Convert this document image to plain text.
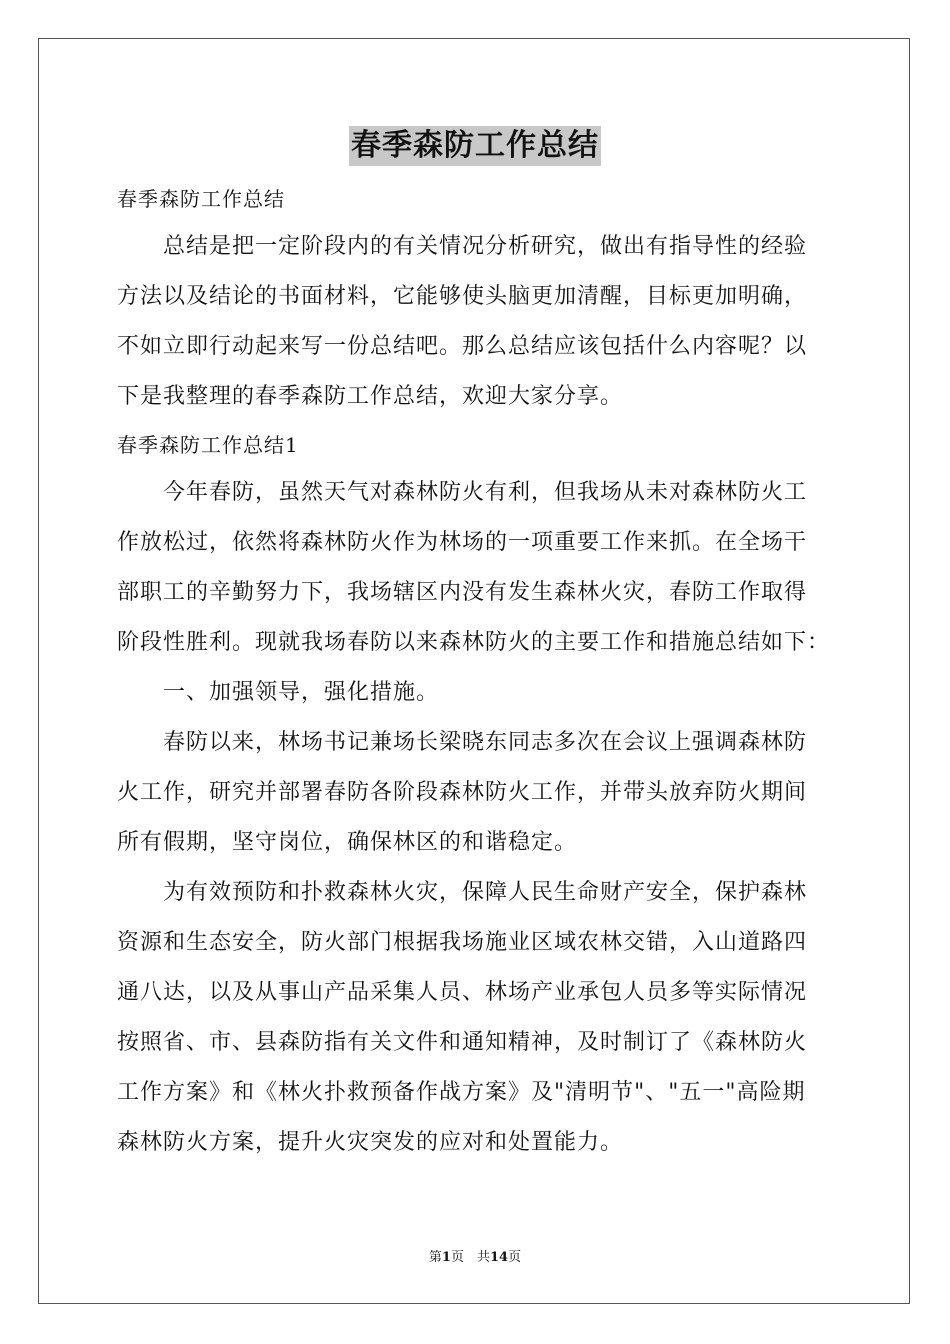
春季森防工作总结
春季森防工作总结
总结是把一定阶段内的有关情况分析研究，做出有指导性的经验
方法以及结论的书面材料，它能够使头脑更加清醒，目标更加明确，
不如立即行动起来写一份总结吧。那么总结应该包括什么内容呢？以
下是我整理的春季森防工作总结，欢迎大家分享。
春季森防工作总结1
今年春防，虽然天气对森林防火有利，但我场从未对森林防火工
作放松过，依然将森林防火作为林场的一项重要工作来抓。在全场干
部职工的辛勤努力下，我场辖区内没有发生森林火灾，春防工作取得
阶段性胜利。现就我场春防以来森林防火的主要工作和措施总结如下：
一、加强领导，强化措施。
春防以来，林场书记兼场长梁晓东同志多次在会议上强调森林防
火工作，研究并部署春防各阶段森林防火工作，并带头放弃防火期间
所有假期，坚守岗位，确保林区的和谐稳定。
为有效预防和扑救森林火灾，保障人民生命财产安全，保护森林
资源和生态安全，防火部门根据我场施业区域农林交错，入山道路四
通八达，以及从事山产品采集人员、林场产业承包人员多等实际情况
按照省、市、县森防指有关文件和通知精神，及时制订了《森林防火
工作方案》和《林火扑救预备作战方案》及"清明节"、"五一"高险期
森林防火方案，提升火灾突发的应对和处置能力。
第1页　共14页
